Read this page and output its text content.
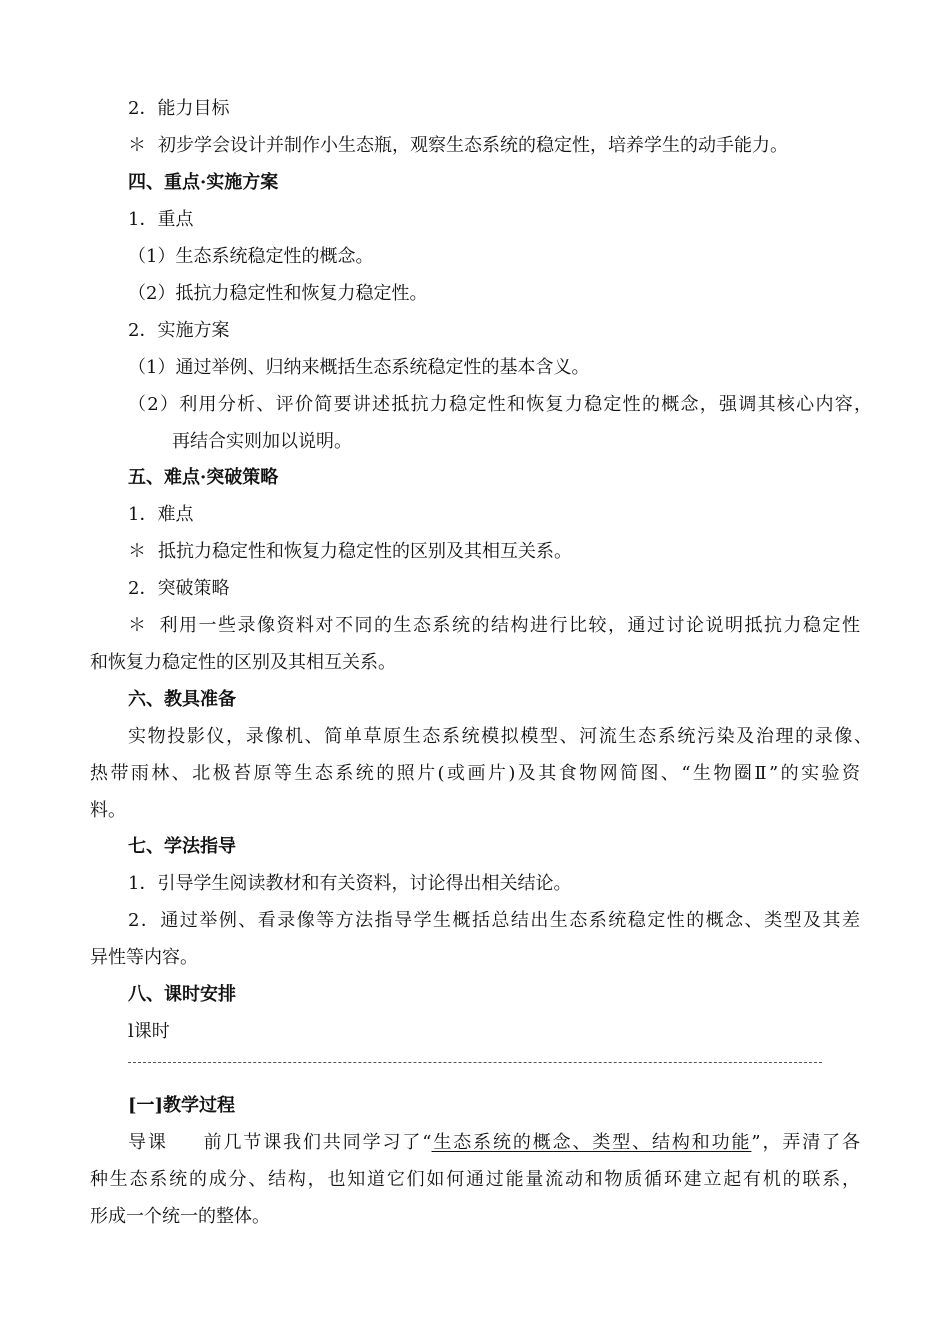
2．能力目标
＊ 初步学会设计并制作小生态瓶，观察生态系统的稳定性，培养学生的动手能力。
四、重点·实施方案
1．重点
（1）生态系统稳定性的概念。
（2）抵抗力稳定性和恢复力稳定性。
2．实施方案
（1）通过举例、归纳来概括生态系统稳定性的基本含义。
（2）利用分析、评价简要讲述抵抗力稳定性和恢复力稳定性的概念，强调其核心内容，
再结合实则加以说明。
五、难点·突破策略
1．难点
＊ 抵抗力稳定性和恢复力稳定性的区别及其相互关系。
2．突破策略
＊ 利用一些录像资料对不同的生态系统的结构进行比较，通过讨论说明抵抗力稳定性
和恢复力稳定性的区别及其相互关系。
六、教具准备
实物投影仪，录像机、简单草原生态系统模拟模型、河流生态系统污染及治理的录像、
热带雨林、北极苔原等生态系统的照片(或画片)及其食物网简图、“生物圈Ⅱ”的实验资
料。
七、学法指导
1．引导学生阅读教材和有关资料，讨论得出相关结论。
2．通过举例、看录像等方法指导学生概括总结出生态系统稳定性的概念、类型及其差
异性等内容。
八、课时安排
l课时
[一]教学过程
导课 前几节课我们共同学习了“生态系统的概念、类型、结构和功能”，弄清了各
种生态系统的成分、结构，也知道它们如何通过能量流动和物质循环建立起有机的联系，
形成一个统一的整体。
